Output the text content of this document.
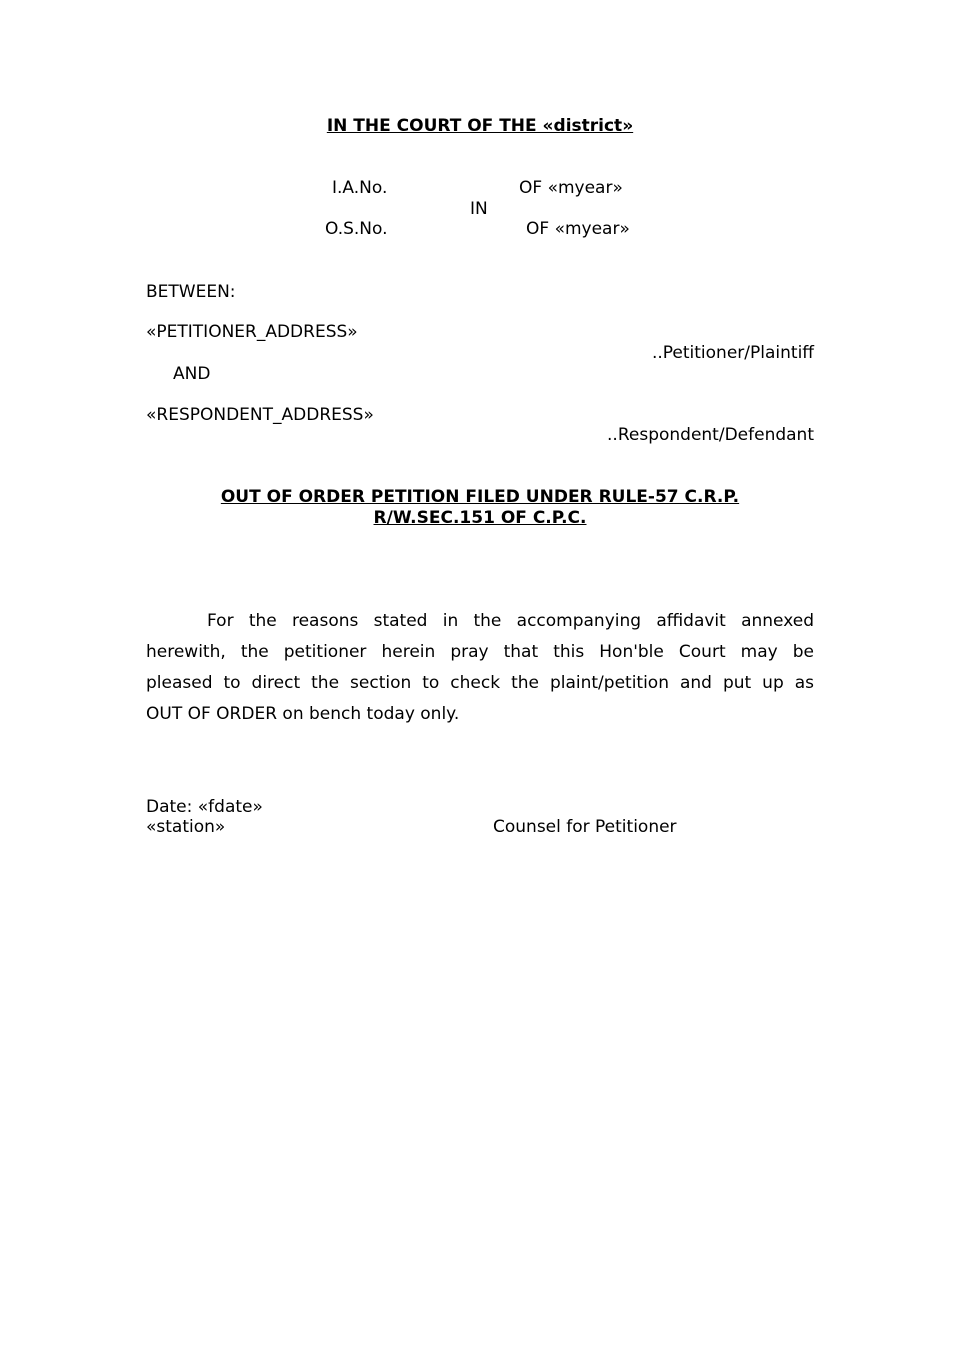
IN THE COURT OF THE «district»
I.A.No.	OF «myear»
IN
O.S.No.	OF «myear»
BETWEEN:
«PETITIONER_ADDRESS»
..Petitioner/Plaintiff
AND
«RESPONDENT_ADDRESS»
..Respondent/Defendant
OUT OF ORDER PETITION FILED UNDER RULE-57 C.R.P.
R/W.SEC.151 OF C.P.C.
For the reasons stated in the accompanying affidavit annexed
herewith, the petitioner herein pray that this Hon'ble Court may be
pleased to direct the section to check the plaint/petition and put up as
OUT OF ORDER on bench today only.
Date: «fdate»
«station»	Counsel for Petitioner
